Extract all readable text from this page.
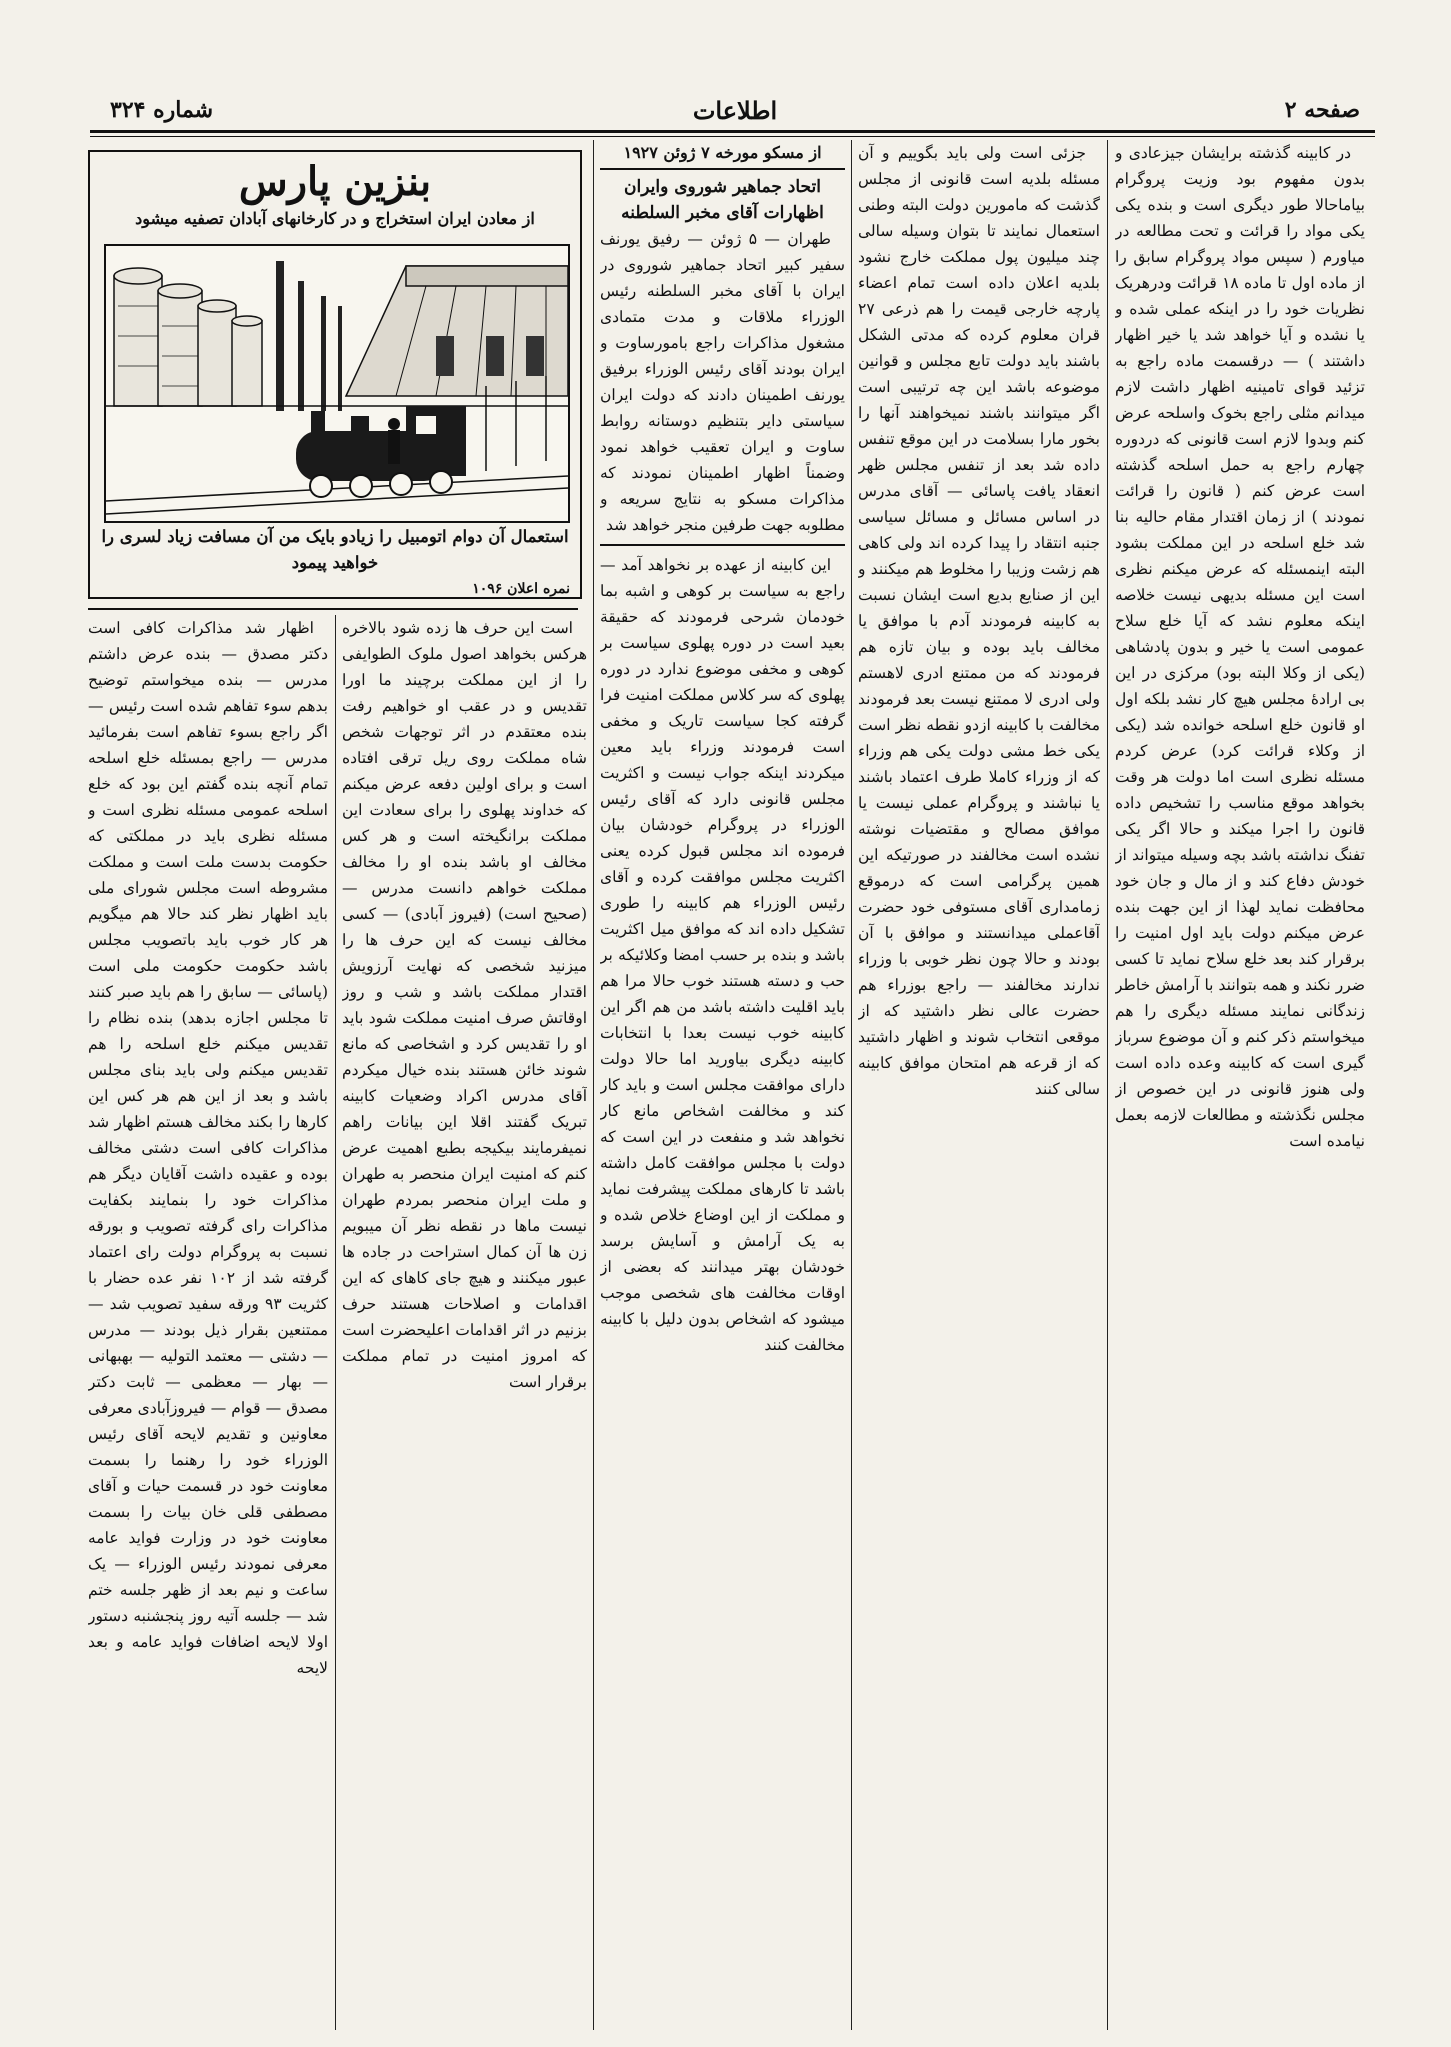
صفحه ۲
اطلاعات
شماره ۳۲۴

در کابینه گذشته برایشان جیزعادی و بدون مفهوم بود وزیت پروگرام بیاماحالا طور دیگری است و بنده یکی یکی مواد را قرائت و تحت مطالعه در میاورم ( سپس مواد پروگرام سابق را از ماده اول تا ماده ۱۸ قرائت ودرهریک نظریات خود را در اینکه عملی شده و یا نشده و آیا خواهد شد یا خیر اظهار داشتند ) — درقسمت ماده راجع به تزئید قوای تامینیه اظهار داشت لازم میدانم مثلی راجع بخوک واسلحه عرض کنم وبدوا لازم است قانونی که دردوره چهارم راجع به حمل اسلحه گذشته است عرض کنم ( قانون را قرائت نمودند ) از زمان اقتدار مقام حالیه بنا شد خلع اسلحه در این مملکت بشود البته اینمسئله که عرض میکنم نظری است این مسئله بدیهی نیست خلاصه اینکه معلوم نشد که آیا خلع سلاح عمومی است یا خیر و بدون پادشاهی (یکی از وکلا البته بود) مرکزی در این بی ارادۀ مجلس هیچ کار نشد بلکه اول او قانون خلع اسلحه خوانده شد (یکی از وکلاء قرائت کرد) عرض کردم مسئله نظری است اما دولت هر وقت بخواهد موقع مناسب را تشخیص داده قانون را اجرا میکند و حالا اگر یکی تفنگ نداشته باشد بچه وسیله میتواند از خودش دفاع کند و از مال و جان خود محافظت نماید لهذا از این جهت بنده عرض میکنم دولت باید اول امنیت را برقرار کند بعد خلع سلاح نماید تا کسی ضرر نکند و همه بتوانند با آرامش خاطر زندگانی نمایند مسئله دیگری را هم میخواستم ذکر کنم و آن موضوع سرباز گیری است که کابینه وعده داده است ولی هنوز قانونی در این خصوص از مجلس نگذشته و مطالعات لازمه بعمل نیامده است

جزئی است ولی باید بگوییم و آن مسئله بلدیه است قانونی از مجلس گذشت که مامورین دولت البته وطنی استعمال نمایند تا بتوان وسیله سالی چند میلیون پول مملکت خارج نشود بلدیه اعلان داده است تمام اعضاء پارچه خارجی قیمت را هم ذرعی ۲۷ قران معلوم کرده که مدتی الشکل باشند باید دولت تابع مجلس و قوانین موضوعه باشد این چه ترتیبی است اگر میتوانند باشند نمیخواهند آنها را بخور مارا بسلامت در این موقع تنفس داده شد بعد از تنفس مجلس ظهر انعقاد یافت پاسائی — آقای مدرس در اساس مسائل و مسائل سیاسی جنبه انتقاد را پیدا کرده اند ولی کاهی هم زشت وزیبا را مخلوط هم میکنند و این از صنایع بدیع است ایشان نسبت به کابینه فرمودند آدم با موافق یا مخالف باید بوده و بیان تازه هم فرمودند که من ممتنع ادری لاهستم ولی ادری لا ممتنع نیست بعد فرمودند مخالفت با کابینه ازدو نقطه نظر است یکی خط مشی دولت یکی هم وزراء که از وزراء کاملا طرف اعتماد باشند یا نباشند و پروگرام عملی نیست یا موافق مصالح و مقتضیات نوشته نشده است مخالفند در صورتیکه این همین پرگرامی است که درموقع زمامداری آقای مستوفی خود حضرت آقاعملی میدانستند و موافق با آن بودند و حالا چون نظر خوبی با وزراء ندارند مخالفند — راجع بوزراء هم حضرت عالی نظر داشتید که از موقعی انتخاب شوند و اظهار داشتید که از قرعه هم امتحان موافق کابینه سالی کنند

از مسکو مورخه ۷ ژوئن ۱۹۲۷
اتحاد جماهیر شوروی وایران
اظهارات آقای مخبر السلطنه

طهران — ۵ ژوئن — رفیق یورنف سفیر کبیر اتحاد جماهیر شوروی در ایران با آقای مخبر السلطنه رئیس الوزراء ملاقات و مدت متمادی مشغول مذاکرات راجع بامورساوت و ایران بودند آقای رئیس الوزراء برفیق یورنف اطمینان دادند که دولت ایران سیاستی دایر بتنظیم دوستانه روابط ساوت و ایران تعقیب خواهد نمود وضمناً اظهار اطمینان نمودند که مذاکرات مسکو به نتایج سریعه و مطلوبه جهت طرفین منجر خواهد شد

این کابینه از عهده بر نخواهد آمد — راجع به سیاست بر کوهی و اشبه بما خودمان شرحی فرمودند که حقیقة بعید است در دوره پهلوی سیاست بر کوهی و مخفی موضوع ندارد در دوره پهلوی که سر کلاس مملکت امنیت فرا گرفته کجا سیاست تاریک و مخفی است فرمودند وزراء باید معین میکردند اینکه جواب نیست و اکثریت مجلس قانونی دارد که آقای رئیس الوزراء در پروگرام خودشان بیان فرموده اند مجلس قبول کرده یعنی اکثریت مجلس موافقت کرده و آقای رئیس الوزراء هم کابینه را طوری تشکیل داده اند که موافق میل اکثریت باشد و بنده بر حسب امضا وکلائیکه بر حب و دسته هستند خوب حالا مرا هم باید اقلیت داشته باشد من هم اگر این کابینه خوب نیست بعدا با انتخابات کابینه دیگری بیاورید اما حالا دولت دارای موافقت مجلس است و باید کار کند و مخالفت اشخاص مانع کار نخواهد شد و منفعت در این است که دولت با مجلس موافقت کامل داشته باشد تا کارهای مملکت پیشرفت نماید و مملکت از این اوضاع خلاص شده و به یک آرامش و آسایش برسد خودشان بهتر میدانند که بعضی از اوقات مخالفت های شخصی موجب میشود که اشخاص بدون دلیل با کابینه مخالفت کنند

بنزین پارس
از معادن ایران استخراج و در کارخانهای آبادان تصفیه میشود
استعمال آن دوام اتومبیل را زیادو بایک من آن مسافت زیاد لسری را خواهید پیمود
نمره اعلان ۱۰۹۶

است این حرف ها زده شود بالاخره هرکس بخواهد اصول ملوک الطوایفی را از این مملکت برچیند ما اورا تقدیس و در عقب او خواهیم رفت بنده معتقدم در اثر توجهات شخص شاه مملکت روی ریل ترقی افتاده است و برای اولین دفعه عرض میکنم که خداوند پهلوی را برای سعادت این مملکت برانگیخته است و هر کس مخالف او باشد بنده او را مخالف مملکت خواهم دانست مدرس — (صحیح است) (فیروز آبادی) — کسی مخالف نیست که این حرف ها را میزنید شخصی که نهایت آرزویش اقتدار مملکت باشد و شب و روز اوقاتش صرف امنیت مملکت شود باید او را تقدیس کرد و اشخاصی که مانع شوند خائن هستند بنده خیال میکردم آقای مدرس اکراد وضعیات کابینه تبریک گفتند اقلا این بیانات راهم نمیفرمایند بیکیجه بطبع اهمیت عرض کنم که امنیت ایران منحصر به طهران و ملت ایران منحصر بمردم طهران نیست ماها در نقطه نظر آن میبویم زن ها آن کمال استراحت در جاده ها عبور میکنند و هیچ جای کاهای که این اقدامات و اصلاحات هستند حرف بزنیم در اثر اقدامات اعلیحضرت است که امروز امنیت در تمام مملکت برقرار است

اظهار شد مذاکرات کافی است دکتر مصدق — بنده عرض داشتم مدرس — بنده میخواستم توضیح بدهم سوء تفاهم شده است رئیس — اگر راجع بسوء تفاهم است بفرمائید مدرس — راجع بمسئله خلع اسلحه تمام آنچه بنده گفتم این بود که خلع اسلحه عمومی مسئله نظری است و مسئله نظری باید در مملکتی که حکومت بدست ملت است و مملکت مشروطه است مجلس شورای ملی باید اظهار نظر کند حالا هم میگویم هر کار خوب باید باتصویب مجلس باشد حکومت حکومت ملی است (پاسائی — سابق را هم باید صبر کنند تا مجلس اجازه بدهد) بنده نظام را تقدیس میکنم خلع اسلحه را هم تقدیس میکنم ولی باید بنای مجلس باشد و بعد از این هم هر کس این کارها را بکند مخالف هستم اظهار شد مذاکرات کافی است دشتی مخالف بوده و عقیده داشت آقایان دیگر هم مذاکرات خود را بنمایند بکفایت مذاکرات رای گرفته تصویب و بورقه نسبت به پروگرام دولت رای اعتماد گرفته شد از ۱۰۲ نفر عده حضار با کثریت ۹۳ ورقه سفید تصویب شد — ممتنعین بقرار ذیل بودند — مدرس — دشتی — معتمد التولیه — بهبهانی — بهار — معظمی — ثابت دکتر مصدق — قوام — فیروزآبادی معرفی معاونین و تقدیم لایحه آقای رئیس الوزراء خود را رهنما را بسمت معاونت خود در قسمت حیات و آقای مصطفی قلی خان بیات را بسمت معاونت خود در وزارت فواید عامه معرفی نمودند رئیس الوزراء — یک ساعت و نیم بعد از ظهر جلسه ختم شد — جلسه آتیه روز پنجشنبه دستور اولا لایحه اضافات فواید عامه و بعد لایحه
